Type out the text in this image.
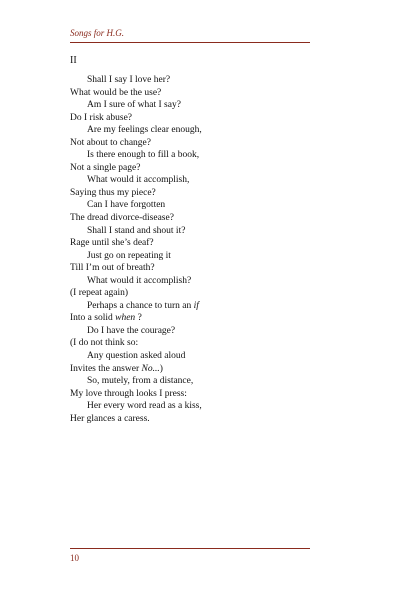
Songs for H.G.
II
Shall I say I love her?
What would be the use?
Am I sure of what I say?
Do I risk abuse?
Are my feelings clear enough,
Not about to change?
Is there enough to fill a book,
Not a single page?
What would it accomplish,
Saying thus my piece?
Can I have forgotten
The dread divorce-disease?
Shall I stand and shout it?
Rage until she’s deaf?
Just go on repeating it
Till I’m out of breath?
What would it accomplish?
(I repeat again)
Perhaps a chance to turn an if
Into a solid when ?
Do I have the courage?
(I do not think so:
Any question asked aloud
Invites the answer No...)
So, mutely, from a distance,
My love through looks I press:
Her every word read as a kiss,
Her glances a caress.
10
